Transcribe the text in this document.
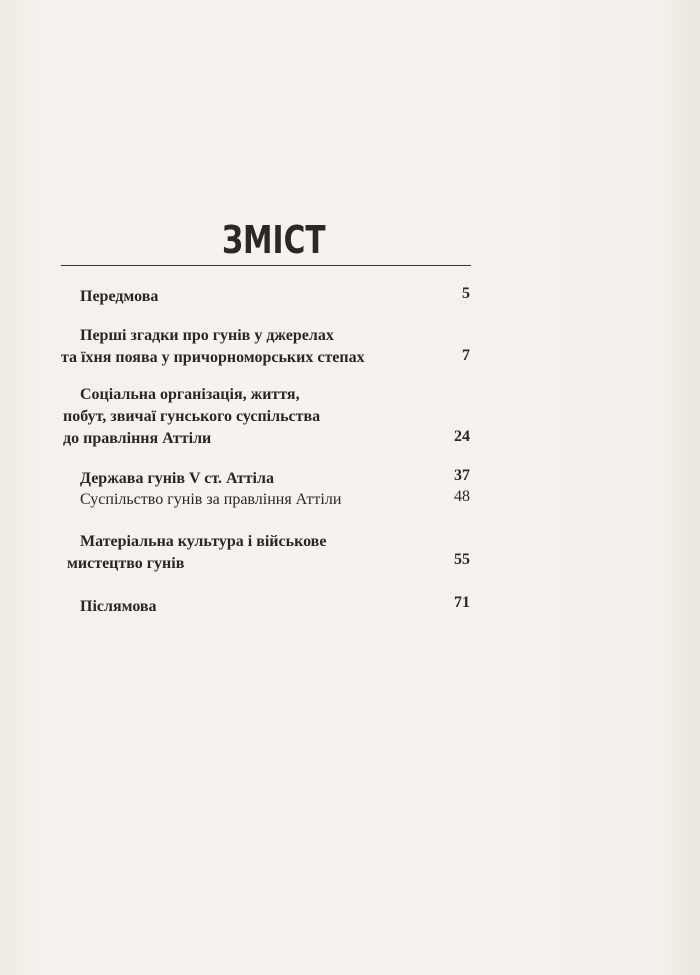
ЗМІСТ
Передмова	5
Перші згадки про гунів у джерелах
та їхня поява у причорноморських степах	7
Соціальна організація, життя,
побут, звичаї гунського суспільства
до правління Аттіли	24
Держава гунів V ст. Аттіла	37
Суспільство гунів за правління Аттіли	48
Матеріальна культура і військове
мистецтво гунів	55
Післямова	71
